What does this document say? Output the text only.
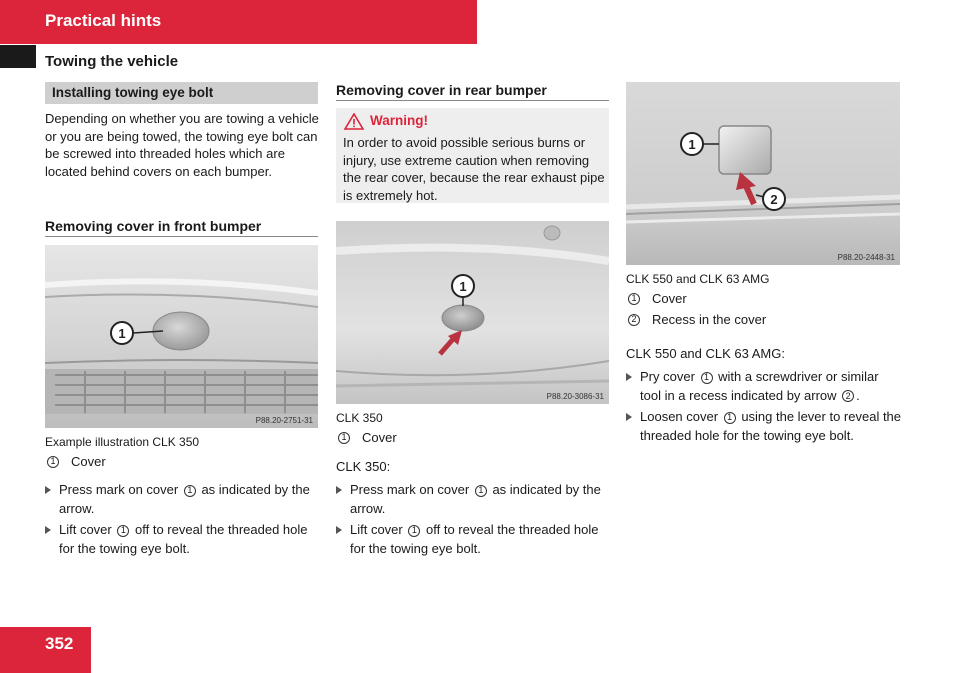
Practical hints
Towing the vehicle
Installing towing eye bolt
Depending on whether you are towing a vehicle or you are being towed, the towing eye bolt can be screwed into threaded holes which are located behind covers on each bumper.
Removing cover in front bumper
1
P88.20-2751-31
Example illustration CLK 350
1 Cover
Press mark on cover 1 as indicated by the arrow.
Lift cover 1 off to reveal the threaded hole for the towing eye bolt.
Removing cover in rear bumper
Warning!
In order to avoid possible serious burns or injury, use extreme caution when removing the rear cover, because the rear exhaust pipe is extremely hot.
1
P88.20-3086-31
CLK 350
1 Cover
CLK 350:
Press mark on cover 1 as indicated by the arrow.
Lift cover 1 off to reveal the threaded hole for the towing eye bolt.
1
2
P88.20-2448-31
CLK 550 and CLK 63 AMG
1 Cover
2 Recess in the cover
CLK 550 and CLK 63 AMG:
Pry cover 1 with a screwdriver or similar tool in a recess indicated by arrow 2 .
Loosen cover 1 using the lever to reveal the threaded hole for the towing eye bolt.
352
